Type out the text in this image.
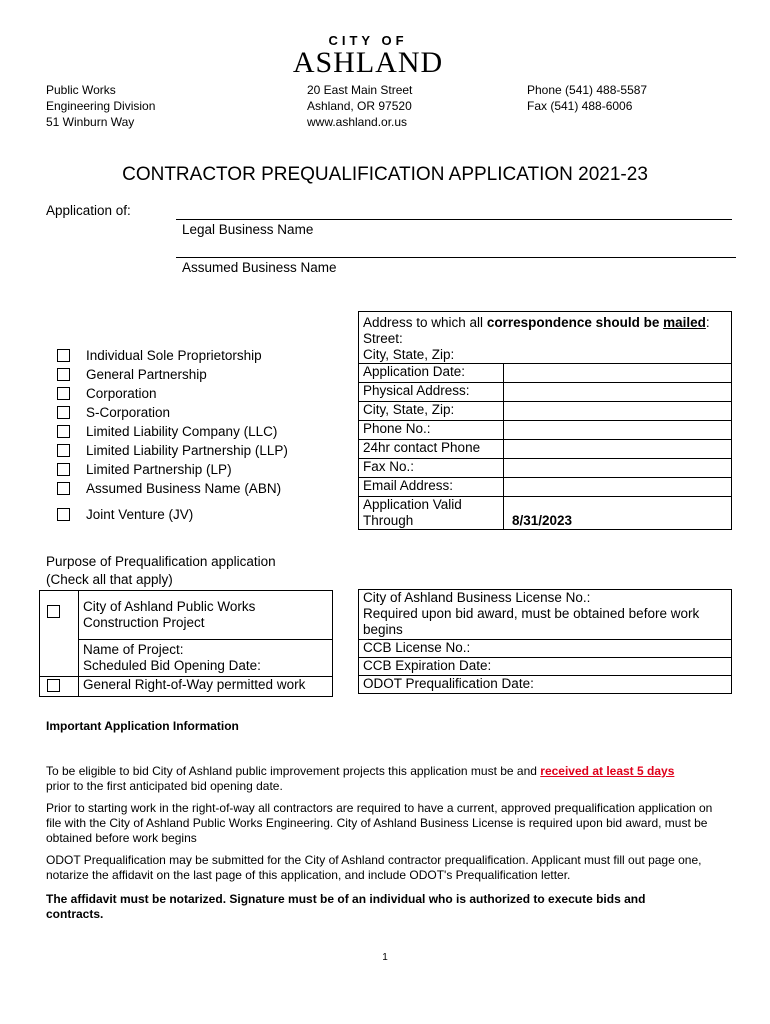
CITY OF
ASHLAND
Public Works
Engineering Division
51 Winburn Way
20 East Main Street
Ashland, OR 97520
www.ashland.or.us
Phone (541) 488-5587
Fax (541) 488-6006
CONTRACTOR PREQUALIFICATION APPLICATION 2021-23
Application of:
Legal Business Name
Assumed Business Name
Individual Sole Proprietorship
General Partnership
Corporation
S-Corporation
Limited Liability Company (LLC)
Limited Liability Partnership (LLP)
Limited Partnership (LP)
Assumed Business Name (ABN)
Joint Venture (JV)
Address to which all correspondence should be mailed:
Street:
City, State, Zip:	
Application Date:	
Physical Address:	
City, State, Zip:	
Phone No.:	
24hr contact Phone	
Fax No.:	
Email Address:	
Application Valid
Through	8/31/2023
Purpose of Prequalification application
(Check all that apply)
	City of Ashland Public Works
Construction Project
	Name of Project:
Scheduled Bid Opening Date:
	General Right-of-Way permitted work
City of Ashland Business License No.:
Required upon bid award, must be obtained before work begins
CCB License No.:
CCB Expiration Date:
ODOT Prequalification Date:
Important Application Information
To be eligible to bid City of Ashland public improvement projects this application must be and received at least 5 days
prior to the first anticipated bid opening date.
Prior to starting work in the right-of-way all contractors are required to have a current, approved prequalification application on file with the City of Ashland Public Works Engineering. City of Ashland Business License is required upon bid award, must be obtained before work begins
ODOT Prequalification may be submitted for the City of Ashland contractor prequalification. Applicant must fill out page one, notarize the affidavit on the last page of this application, and include ODOT's Prequalification letter.
The affidavit must be notarized. Signature must be of an individual who is authorized to execute bids and contracts.
1
